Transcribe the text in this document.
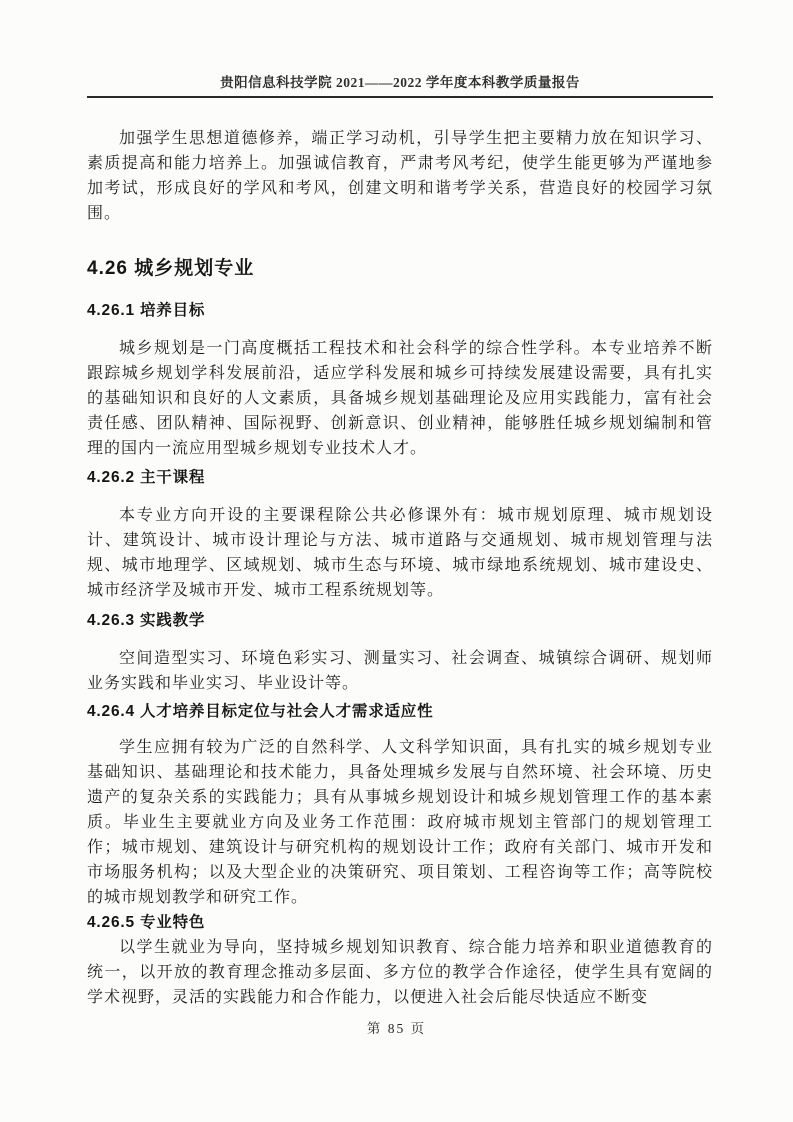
贵阳信息科技学院 2021——2022 学年度本科教学质量报告

加强学生思想道德修养，端正学习动机，引导学生把主要精力放在知识学习、素质提高和能力培养上。加强诚信教育，严肃考风考纪，使学生能更够为严谨地参加考试，形成良好的学风和考风，创建文明和谐考学关系，营造良好的校园学习氛围。

4.26 城乡规划专业
4.26.1 培养目标

城乡规划是一门高度概括工程技术和社会科学的综合性学科。本专业培养不断跟踪城乡规划学科发展前沿，适应学科发展和城乡可持续发展建设需要，具有扎实的基础知识和良好的人文素质，具备城乡规划基础理论及应用实践能力，富有社会责任感、团队精神、国际视野、创新意识、创业精神，能够胜任城乡规划编制和管理的国内一流应用型城乡规划专业技术人才。

4.26.2 主干课程

本专业方向开设的主要课程除公共必修课外有：城市规划原理、城市规划设计、建筑设计、城市设计理论与方法、城市道路与交通规划、城市规划管理与法规、城市地理学、区域规划、城市生态与环境、城市绿地系统规划、城市建设史、城市经济学及城市开发、城市工程系统规划等。

4.26.3 实践教学

空间造型实习、环境色彩实习、测量实习、社会调查、城镇综合调研、规划师业务实践和毕业实习、毕业设计等。

4.26.4 人才培养目标定位与社会人才需求适应性

学生应拥有较为广泛的自然科学、人文科学知识面，具有扎实的城乡规划专业基础知识、基础理论和技术能力，具备处理城乡发展与自然环境、社会环境、历史遗产的复杂关系的实践能力；具有从事城乡规划设计和城乡规划管理工作的基本素质。毕业生主要就业方向及业务工作范围：政府城市规划主管部门的规划管理工作；城市规划、建筑设计与研究机构的规划设计工作；政府有关部门、城市开发和市场服务机构；以及大型企业的决策研究、项目策划、工程咨询等工作；高等院校的城市规划教学和研究工作。

4.26.5 专业特色

以学生就业为导向，坚持城乡规划知识教育、综合能力培养和职业道德教育的统一，以开放的教育理念推动多层面、多方位的教学合作途径，使学生具有宽阔的学术视野，灵活的实践能力和合作能力，以便进入社会后能尽快适应不断变

第 85 页
